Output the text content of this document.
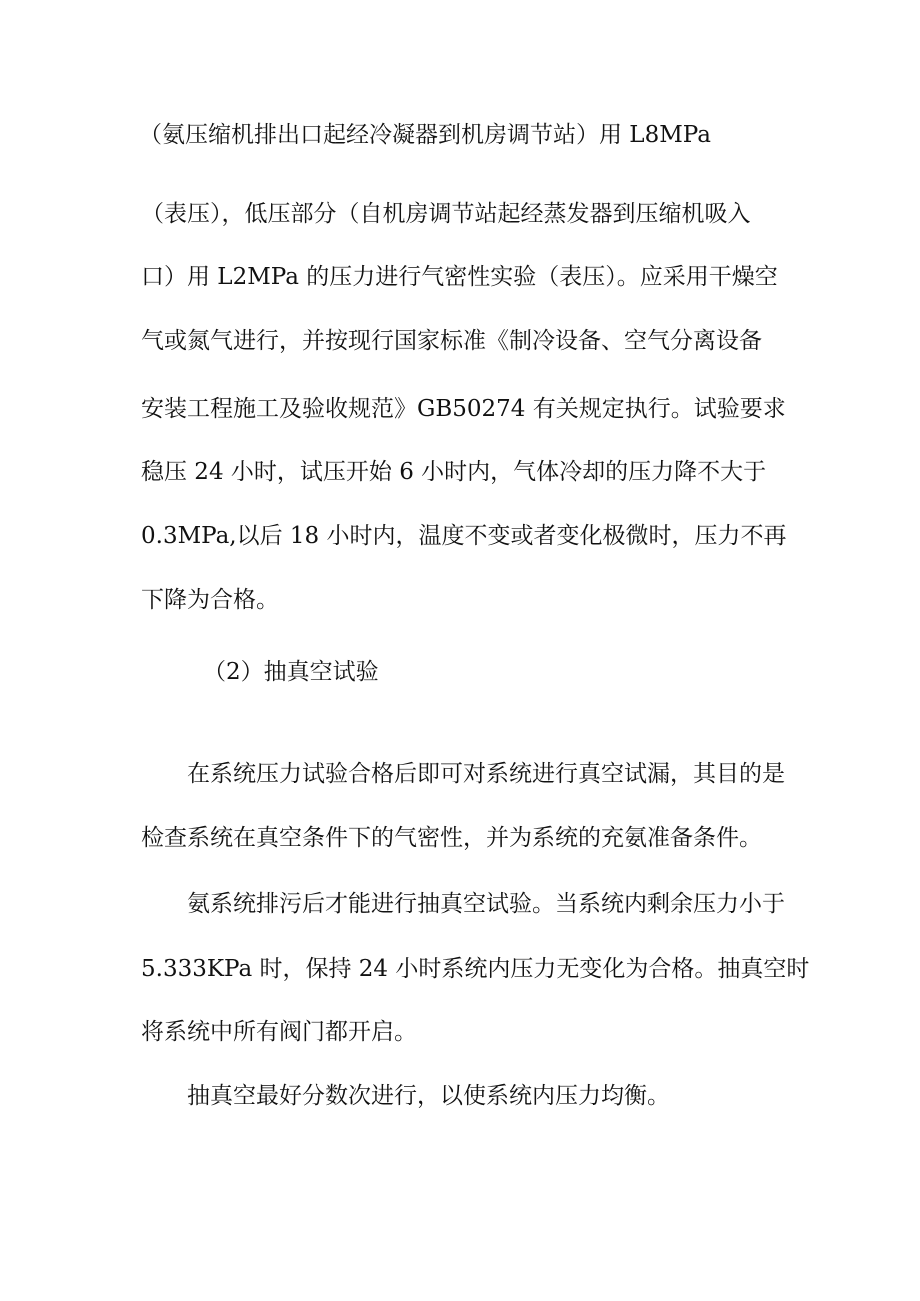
（氨压缩机排出口起经冷凝器到机房调节站）用 L8MPa
（表压），低压部分（自机房调节站起经蒸发器到压缩机吸入
口）用 L2MPa 的压力进行气密性实验（表压）。应采用干燥空
气或氮气进行，并按现行国家标准《制冷设备、空气分离设备
安装工程施工及验收规范》GB50274 有关规定执行。试验要求
稳压 24 小时，试压开始 6 小时内，气体冷却的压力降不大于
0.3MPa,以后 18 小时内，温度不变或者变化极微时，压力不再
下降为合格。
（2）抽真空试验
在系统压力试验合格后即可对系统进行真空试漏，其目的是
检查系统在真空条件下的气密性，并为系统的充氨准备条件。
氨系统排污后才能进行抽真空试验。当系统内剩余压力小于
5.333KPa 时，保持 24 小时系统内压力无变化为合格。抽真空时
将系统中所有阀门都开启。
抽真空最好分数次进行，以使系统内压力均衡。
